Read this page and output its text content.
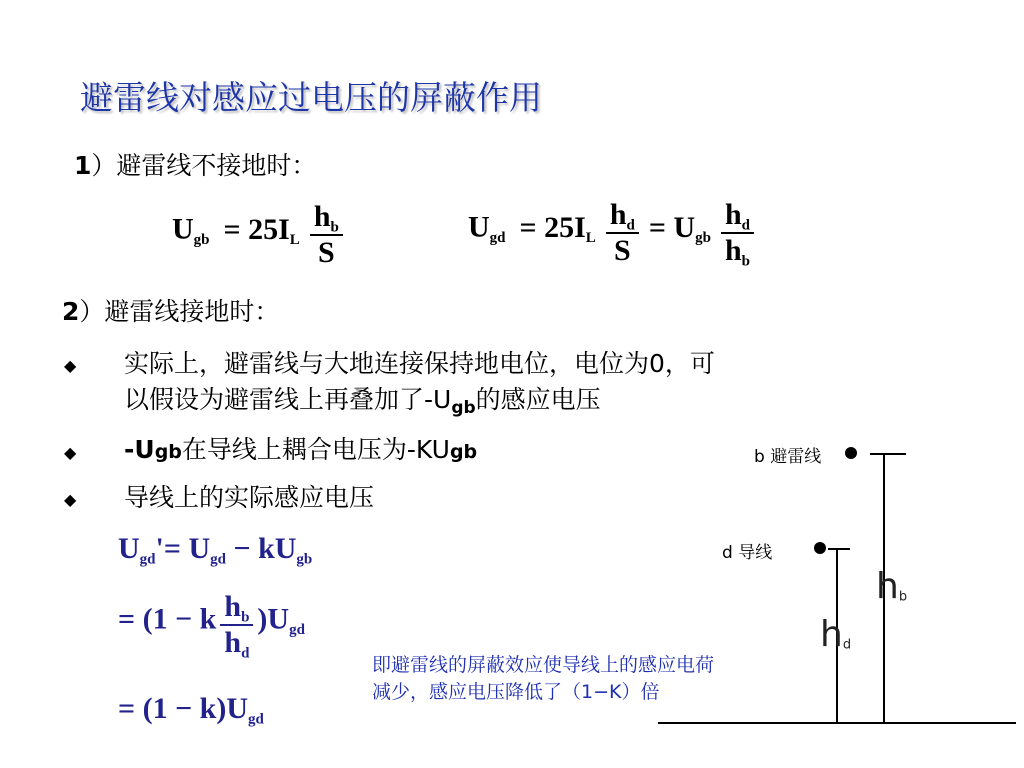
避雷线对感应过电压的屏蔽作用
1）避雷线不接地时：
$U_{gb} = 25I_L \frac{h_b}{S}$	$U_{gd} = 25I_L \frac{h_d}{S} = U_{gb} \frac{h_d}{h_b}$
2）避雷线接地时：
◆ 实际上，避雷线与大地连接保持地电位，电位为0，可
以假设为避雷线上再叠加了$-U_{gb}$的感应电压
◆ -Ugb在导线上耦合电压为-KUgb
◆ 导线上的实际感应电压
$U_{gd}'= U_{gd} - kU_{gb}$
= (1 − k $\frac{h_b}{h_d} )U_{gd}$
= $(1 - k)U_{gd}$
即避雷线的屏蔽效应使导线上的感应电荷减少，感应电压降低了（1−K）倍
b 避雷线
d 导线
$h_b$
$h_d$
